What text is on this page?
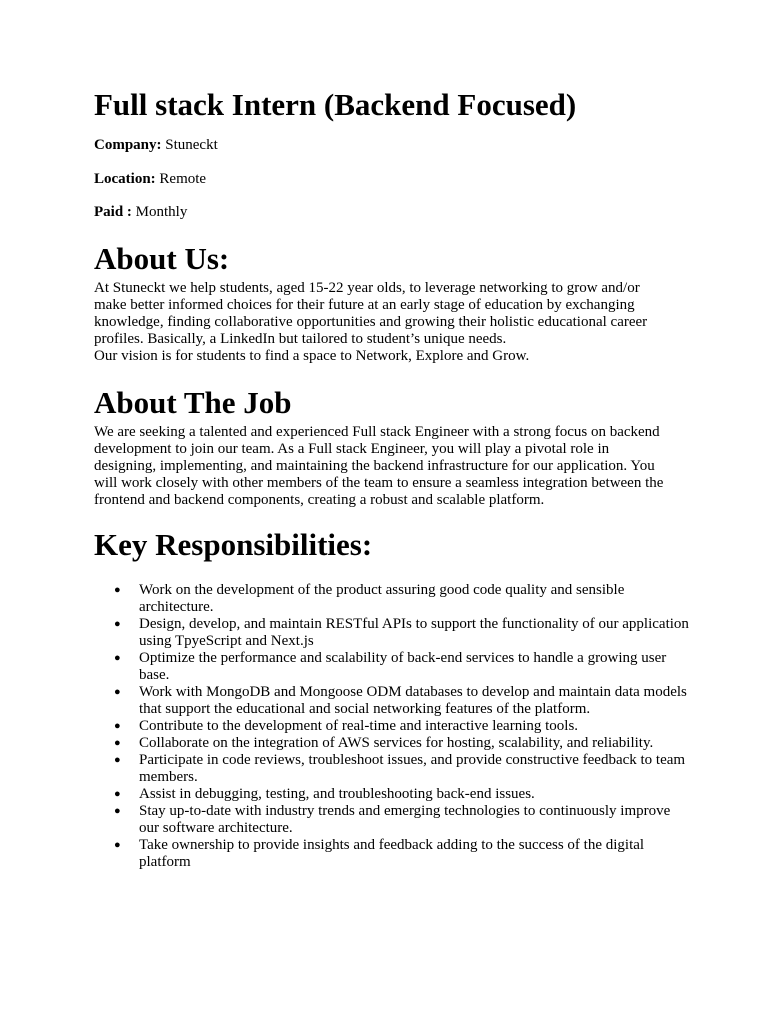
Full stack Intern (Backend Focused)

Company: Stuneckt

Location: Remote

Paid : Monthly

About Us:

At Stuneckt we help students, aged 15-22 year olds, to leverage networking to grow and/or make better informed choices for their future at an early stage of education by exchanging knowledge, finding collaborative opportunities and growing their holistic educational career profiles. Basically, a LinkedIn but tailored to student’s unique needs.

Our vision is for students to find a space to Network, Explore and Grow.

About The Job

We are seeking a talented and experienced Full stack Engineer with a strong focus on backend development to join our team. As a Full stack Engineer, you will play a pivotal role in designing, implementing, and maintaining the backend infrastructure for our application. You will work closely with other members of the team to ensure a seamless integration between the frontend and backend components, creating a robust and scalable platform.

Key Responsibilities:
● Work on the development of the product assuring good code quality and sensible architecture.
● Design, develop, and maintain RESTful APIs to support the functionality of our application using TpyeScript and Next.js
● Optimize the performance and scalability of back-end services to handle a growing user base.
● Work with MongoDB and Mongoose ODM databases to develop and maintain data models that support the educational and social networking features of the platform.
● Contribute to the development of real-time and interactive learning tools.
● Collaborate on the integration of AWS services for hosting, scalability, and reliability.
● Participate in code reviews, troubleshoot issues, and provide constructive feedback to team members.
● Assist in debugging, testing, and troubleshooting back-end issues.
● Stay up-to-date with industry trends and emerging technologies to continuously improve our software architecture.
● Take ownership to provide insights and feedback adding to the success of the digital platform
